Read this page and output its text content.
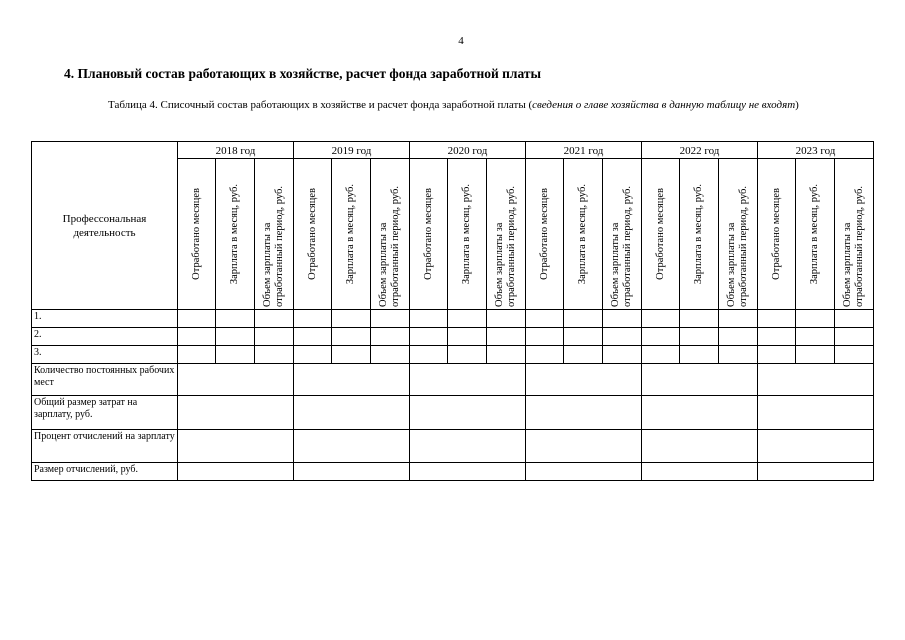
4
4. Плановый состав работающих в хозяйстве, расчет фонда заработной платы
Таблица 4. Списочный состав работающих в хозяйстве и расчет фонда заработной платы (сведения о главе хозяйства в данную таблицу не входят)
Профессональная деятельность	2018 год			2019 год			2020 год			2021 год			2022 год			2023 год		

	Отработано месяцев	Зарплата в месяц, руб.	Объем зарплаты за отработанный период, руб.	Отработано месяцев	Зарплата в месяц, руб.	Объем зарплаты за отработанный период, руб.	Отработано месяцев	Зарплата в месяц, руб.	Объем зарплаты за отработанный период, руб.	Отработано месяцев	Зарплата в месяц, руб.	Объем зарплаты за отработанный период, руб.	Отработано месяцев	Зарплата в месяц, руб.	Объем зарплаты за отработанный период, руб.	Отработано месяцев	Зарплата в месяц, руб.	Объем зарплаты за отработанный период, руб.

1.																		
2.																		
3.																		
Количество постоянных рабочих мест																		
Общий размер затрат на зарплату, руб.																		
Процент отчислений на зарплату																		
Размер отчислений, руб.																		
